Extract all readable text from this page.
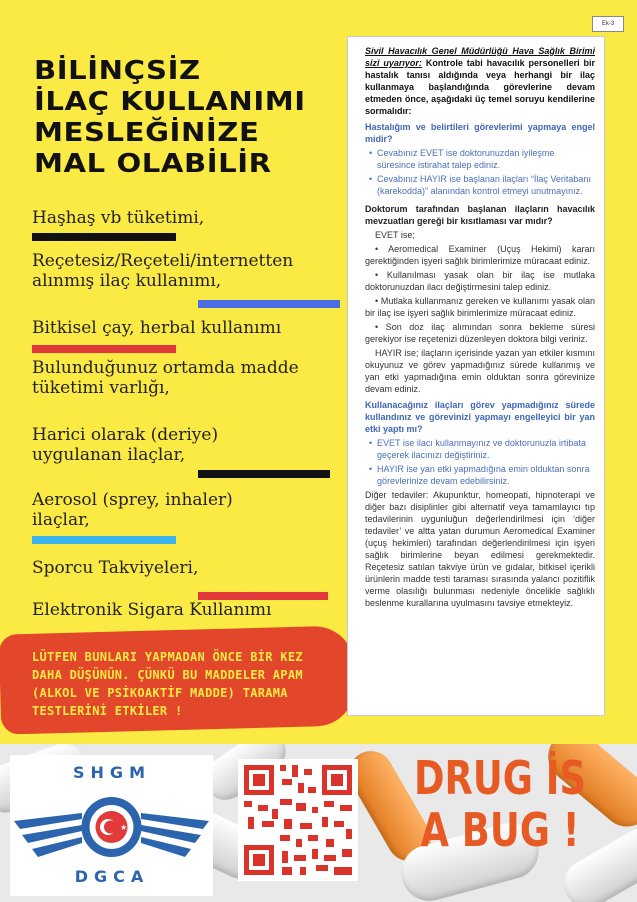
Ek-3
BİLİNÇSİZ
İLAÇ KULLANIMI
MESLEĞİNİZE
MAL OLABİLİR

Haşhaş vb tüketimi,

Reçetesiz/Reçeteli/internetten
alınmış ilaç kullanımı,

Bitkisel çay, herbal kullanımı

Bulunduğunuz ortamda madde
tüketimi varlığı,

Harici olarak (deriye)
uygulanan ilaçlar,

Aerosol (sprey, inhaler)
ilaçlar,

Sporcu Takviyeleri,

Elektronik Sigara Kullanımı

LÜTFEN BUNLARI YAPMADAN ÖNCE BİR KEZ DAHA DÜŞÜNÜN. ÇÜNKÜ BU MADDELER APAM (ALKOL VE PSİKOAKTİF MADDE) TARAMA TESTLERİNİ ETKİLER !

Sivil Havacılık Genel Müdürlüğü Hava Sağlık Birimi sizi uyarıyor: Kontrole tabi havacılık personelleri bir hastalık tanısı aldığında veya herhangi bir ilaç kullanmaya başlandığında görevlerine devam etmeden önce, aşağıdaki üç temel soruyu kendilerine sormalıdır:

Hastalığım ve belirtileri görevlerimi yapmaya engel midir?

• Cevabınız EVET ise doktorunuzdan iyileşme süresince istirahat talep ediniz.

• Cevabınız HAYIR ise başlanan ilaçları “İlaç Veritabanı (karekodda)” alanından kontrol etmeyi unutmayınız.

Doktorum tarafından başlanan ilaçların havacılık mevzuatları gereği bir kısıtlaması var mıdır?

EVET ise;

• Aeromedical Examiner (Uçuş Hekimi) kararı gerektiğinden işyeri sağlık birimlerimize müracaat ediniz.

• Kullanılması yasak olan bir ilaç ise mutlaka doktorunuzdan ilacı değiştirmesini talep ediniz.

• Mutlaka kullanmanız gereken ve kullanımı yasak olan bir ilaç ise işyeri sağlık birimlerimize müracaat ediniz.

• Son doz ilaç alımından sonra bekleme süresi gerekiyor ise reçetenizi düzenleyen doktora bilgi veriniz.

HAYIR ise; ilaçların içerisinde yazan yan etkiler kısmını okuyunuz ve görev yapmadığınız sürede kullanmış ve yan etki yapmadığına emin olduktan sonra görevinize devam ediniz.

Kullanacağınız ilaçları görev yapmadığınız sürede kullandınız ve görevinizi yapmayı engelleyici bir yan etki yaptı mı?

• EVET ise ilacı kullanmayınız ve doktorunuzla irtibata geçerek ilacınızı değiştiriniz.

• HAYIR ise yan etki yapmadığına emin olduktan sonra görevlerinize devam edebilirsiniz.

Diğer tedaviler: Akupunktur, homeopati, hipnoterapi ve diğer bazı disiplinler gibi alternatif veya tamamlayıcı tıp tedavilerinin uygunluğun değerlendirilmesi için ‘diğer tedaviler’ ve altta yatan durumun Aeromedical Examiner (uçuş hekimleri) tarafından değerlendirilmesi için işyeri sağlık birimlerine beyan edilmesi gerekmektedir. Reçetesiz satılan takviye ürün ve gıdalar, bitkisel içerikli ürünlerin madde testi taraması sırasında yalancı pozitiflik verme olasılığı bulunması nedeniyle öncelikle sağlıklı beslenme kurallarına uyulmasını tavsiye etmekteyiz.

★
SHGM
DGCA
DRUG İS
A BUG !
